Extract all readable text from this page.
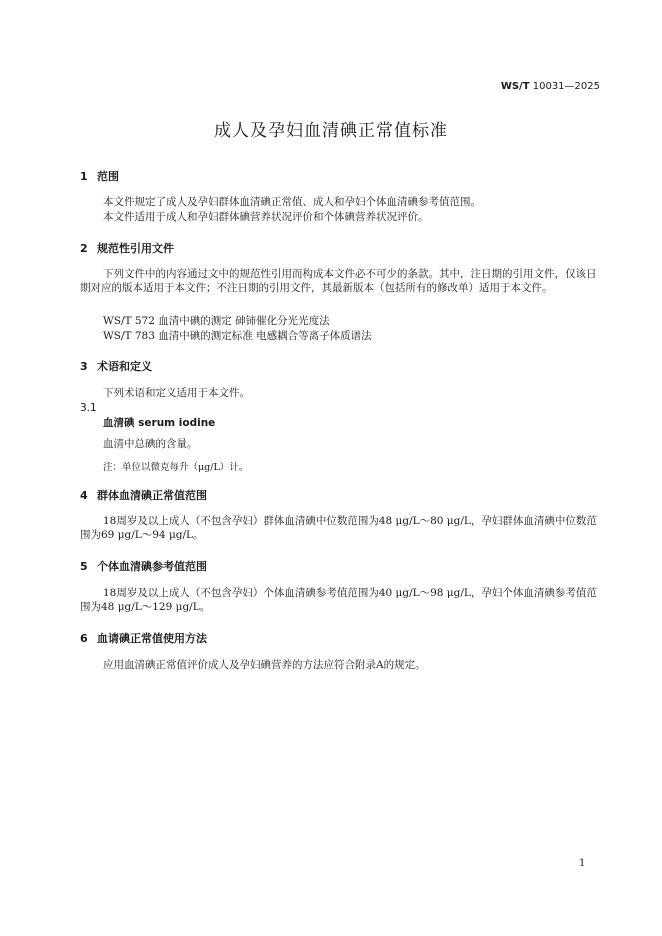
WS/T 10031—2025
成人及孕妇血清碘正常值标准
1 范围
本文件规定了成人及孕妇群体血清碘正常值、成人和孕妇个体血清碘参考值范围。
本文件适用于成人和孕妇群体碘营养状况评价和个体碘营养状况评价。
2 规范性引用文件
下列文件中的内容通过文中的规范性引用而构成本文件必不可少的条款。其中，注日期的引用文件，仅该日期对应的版本适用于本文件；不注日期的引用文件，其最新版本（包括所有的修改单）适用于本文件。
WS/T 572 血清中碘的测定 砷铈催化分光光度法
WS/T 783 血清中碘的测定标准 电感耦合等离子体质谱法
3 术语和定义
下列术语和定义适用于本文件。
3.1
血清碘 serum iodine
血清中总碘的含量。
注：单位以微克每升（μg/L）计。
4 群体血清碘正常值范围
18周岁及以上成人（不包含孕妇）群体血清碘中位数范围为48 μg/L～80 μg/L，孕妇群体血清碘中位数范围为69 μg/L～94 μg/L。
5 个体血清碘参考值范围
18周岁及以上成人（不包含孕妇）个体血清碘参考值范围为40 μg/L～98 μg/L，孕妇个体血清碘参考值范围为48 μg/L～129 μg/L。
6 血请碘正常值使用方法
应用血清碘正常值评价成人及孕妇碘营养的方法应符合附录A的规定。
1
